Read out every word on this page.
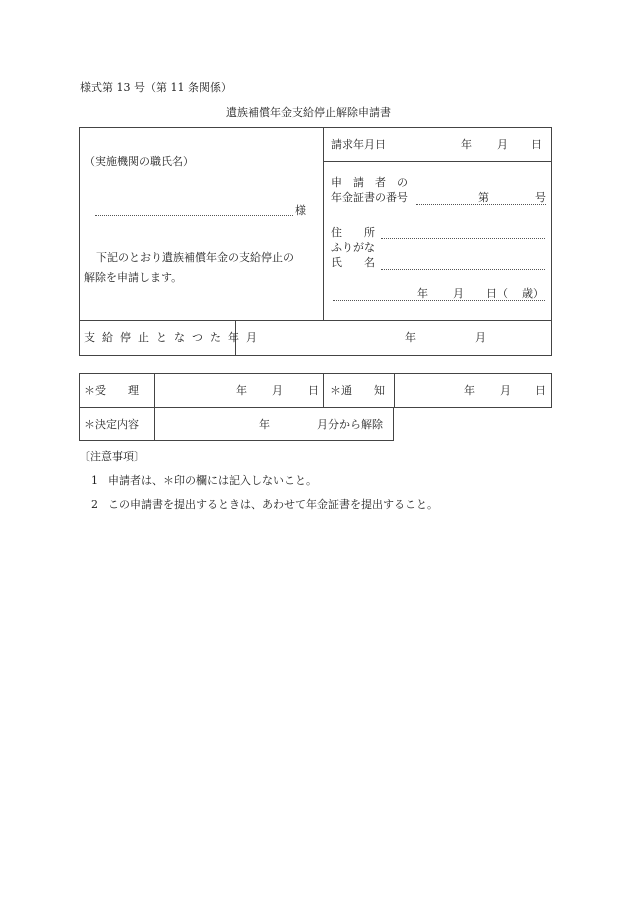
様式第 13 号（第 11 条関係）
遺族補償年金支給停止解除申請書
（実施機関の職氏名）
様
下記のとおり遺族補償年金の支給停止の
解除を申請します。
請求年月日	年 月 日
申　請　者　の
年金証書の番号	第	号
住　　所
ふりがな
氏　　名
年 月 日（ 歳）
支給停止となつた年月	年	月
＊受　　理	年 月 日 ＊通　　知	年 月 日
＊決定内容	年	月分から解除
〔注意事項〕
1 申請者は、＊印の欄には記入しないこと。
2 この申請書を提出するときは、あわせて年金証書を提出すること。
